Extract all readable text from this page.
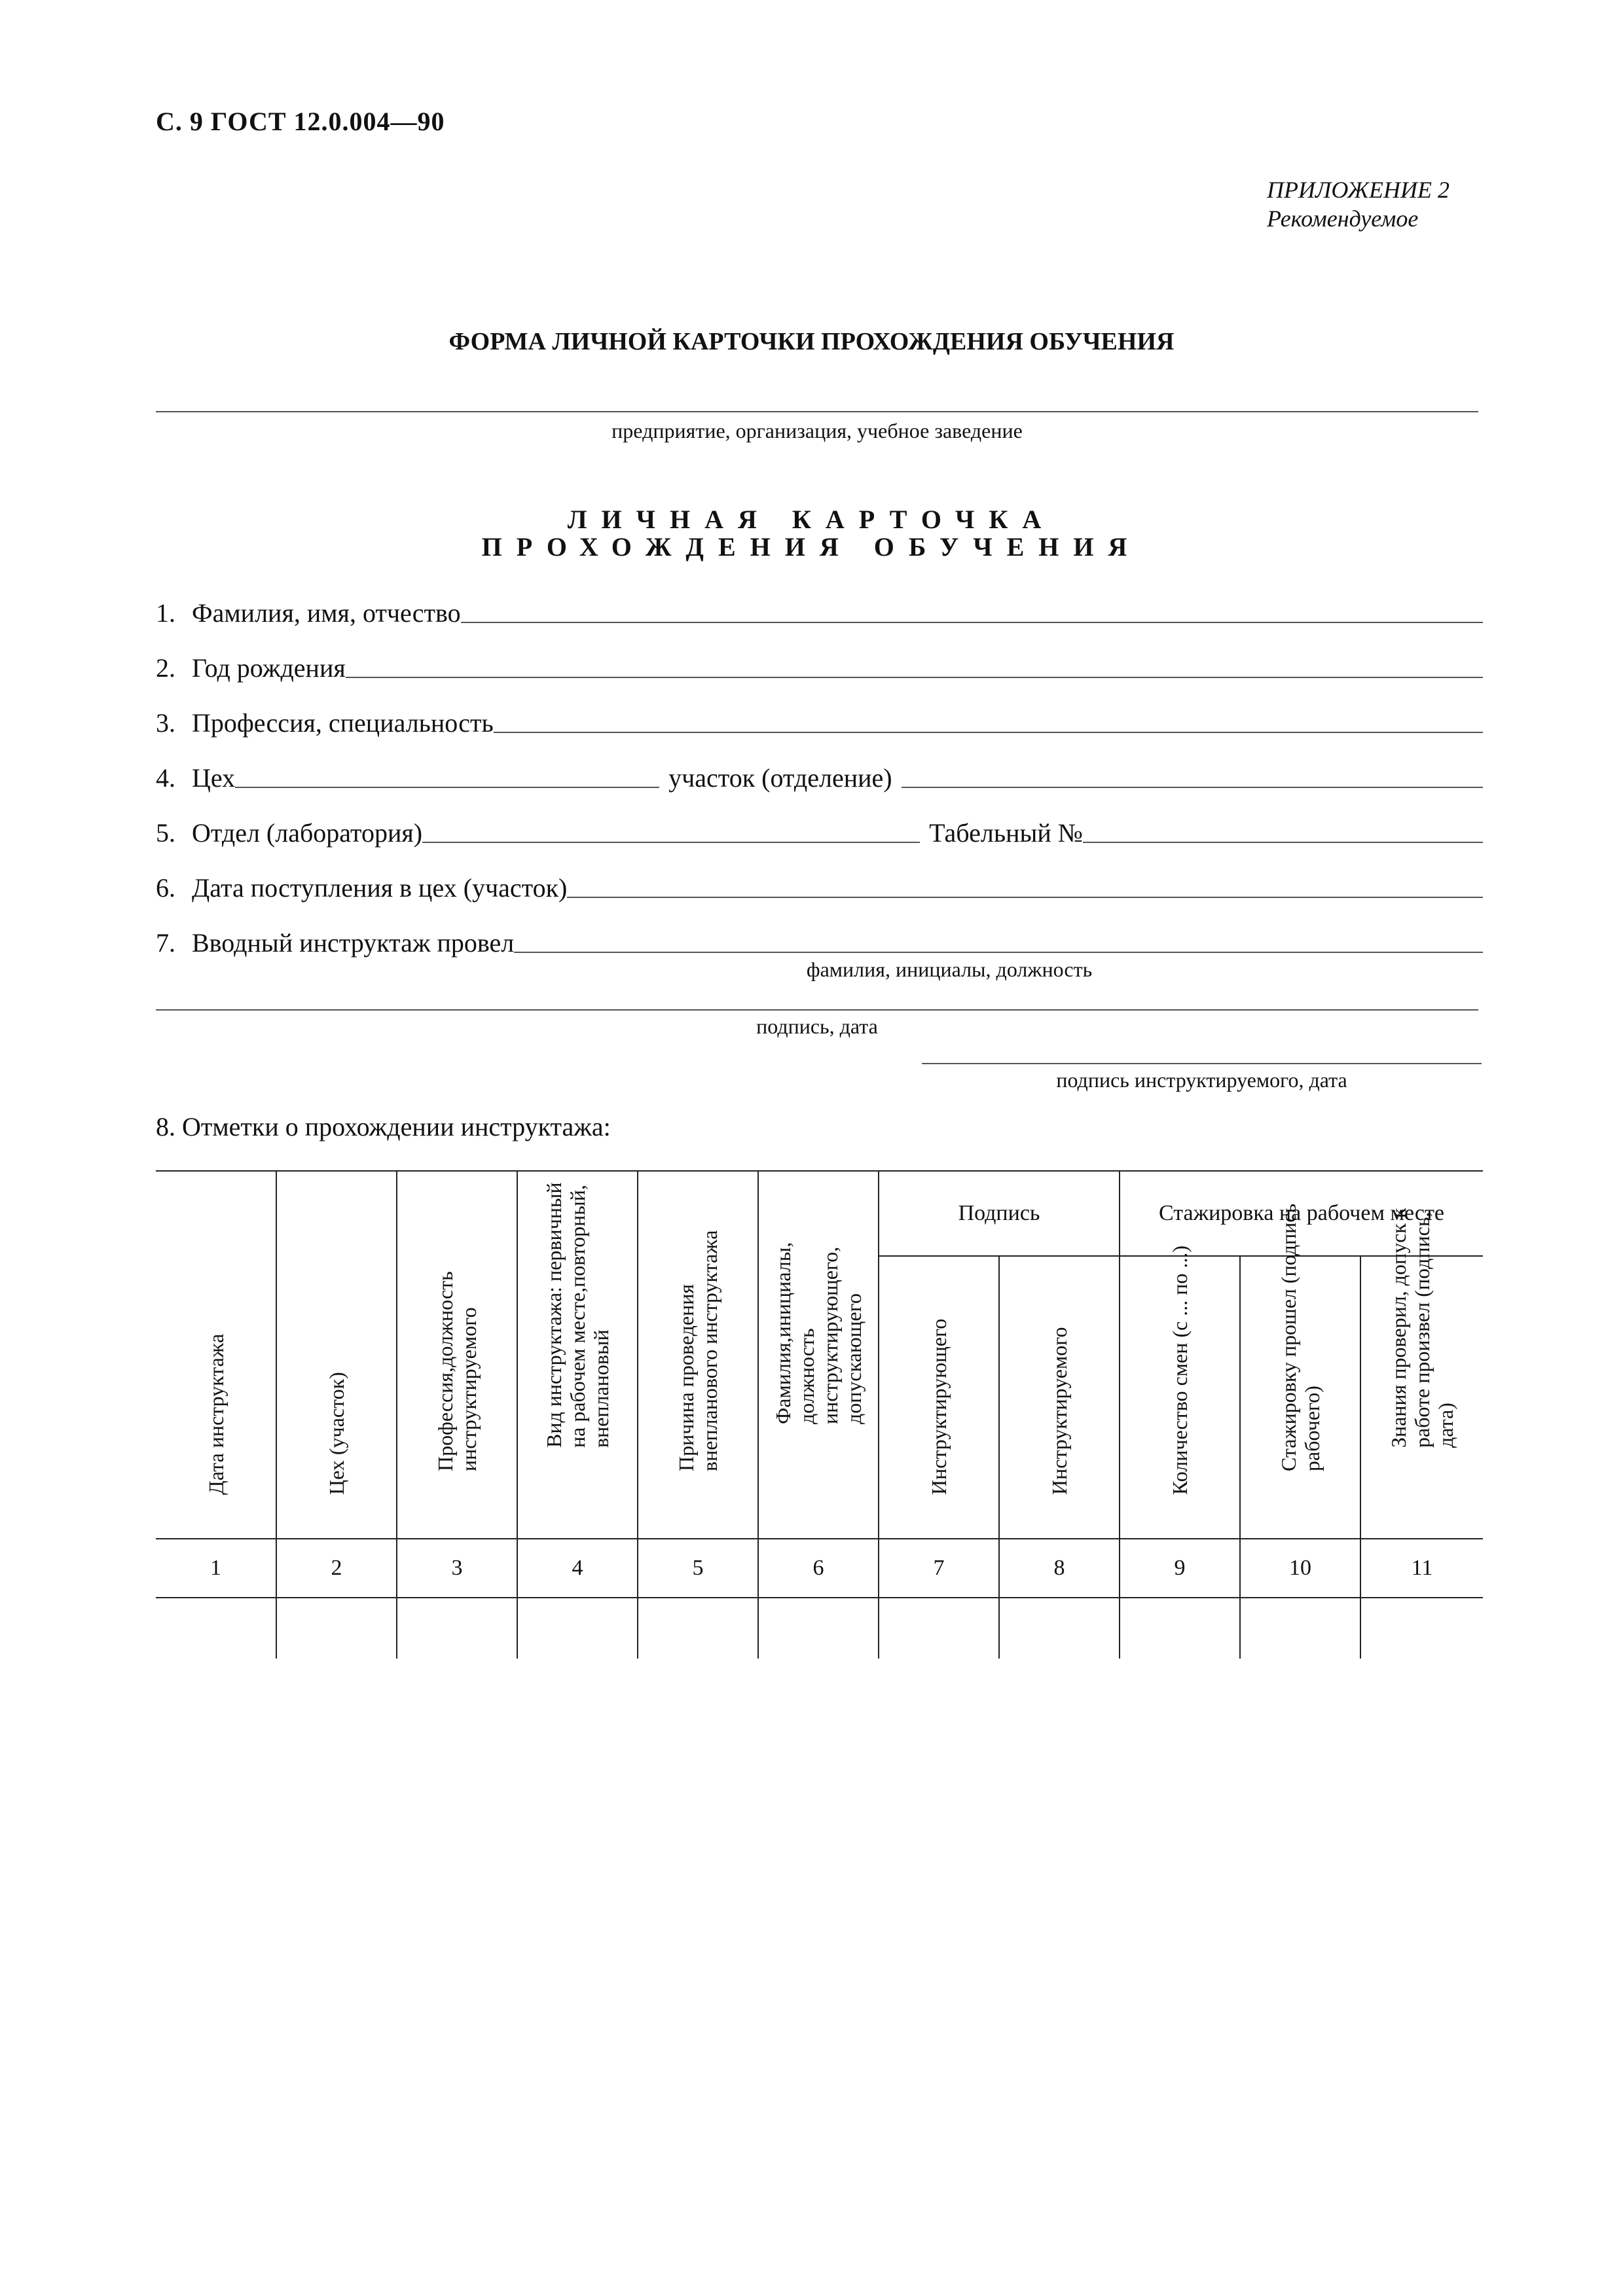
С. 9 ГОСТ 12.0.004—90
ПРИЛОЖЕНИЕ 2
Рекомендуемое
ФОРМА ЛИЧНОЙ КАРТОЧКИ ПРОХОЖДЕНИЯ ОБУЧЕНИЯ
предприятие, организация, учебное заведение
ЛИЧНАЯ КАРТОЧКА
ПРОХОЖДЕНИЯ ОБУЧЕНИЯ
1. Фамилия, имя, отчество
2. Год рождения
3. Профессия, специальность
4. Цех	участок (отделение)
5. Отдел (лаборатория)	Табельный №
6. Дата поступления в цех (участок)
7. Вводный инструктаж провел
фамилия, инициалы, должность
подпись, дата
подпись инструктируемого, дата
8. Отметки о прохождении инструктажа:
Дата инструктажа	Цех (участок)	Профессия,должность инструктируемого	Вид инструктажа: первичный на рабочем месте,повторный, внеплановый	Причина проведения внепланового инструктажа	Фамилия,инициалы, должность инструктирующего, допускающего	Подпись		Стажировка на рабочем месте		

						Инструктирующего	Инструктируемого	Количество смен (с ... по ...)	Стажировку прошел (подпись рабочего)	Знания проверил, допуск к работе произвел (подпись, дата)

1	2	3	4	5	6	7	8	9	10	11
